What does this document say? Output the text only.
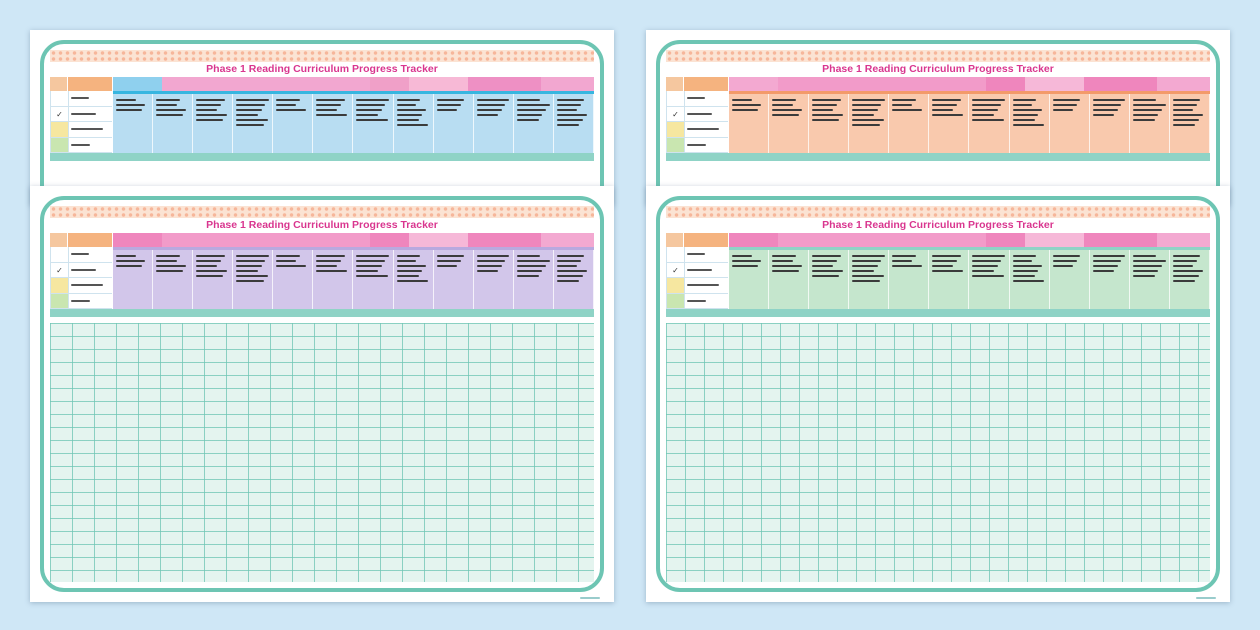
Phase 1 Reading Curriculum Progress Tracker
✓
Phase 1 Reading Curriculum Progress Tracker
✓
Phase 1 Reading Curriculum Progress Tracker
✓
Phase 1 Reading Curriculum Progress Tracker
✓
